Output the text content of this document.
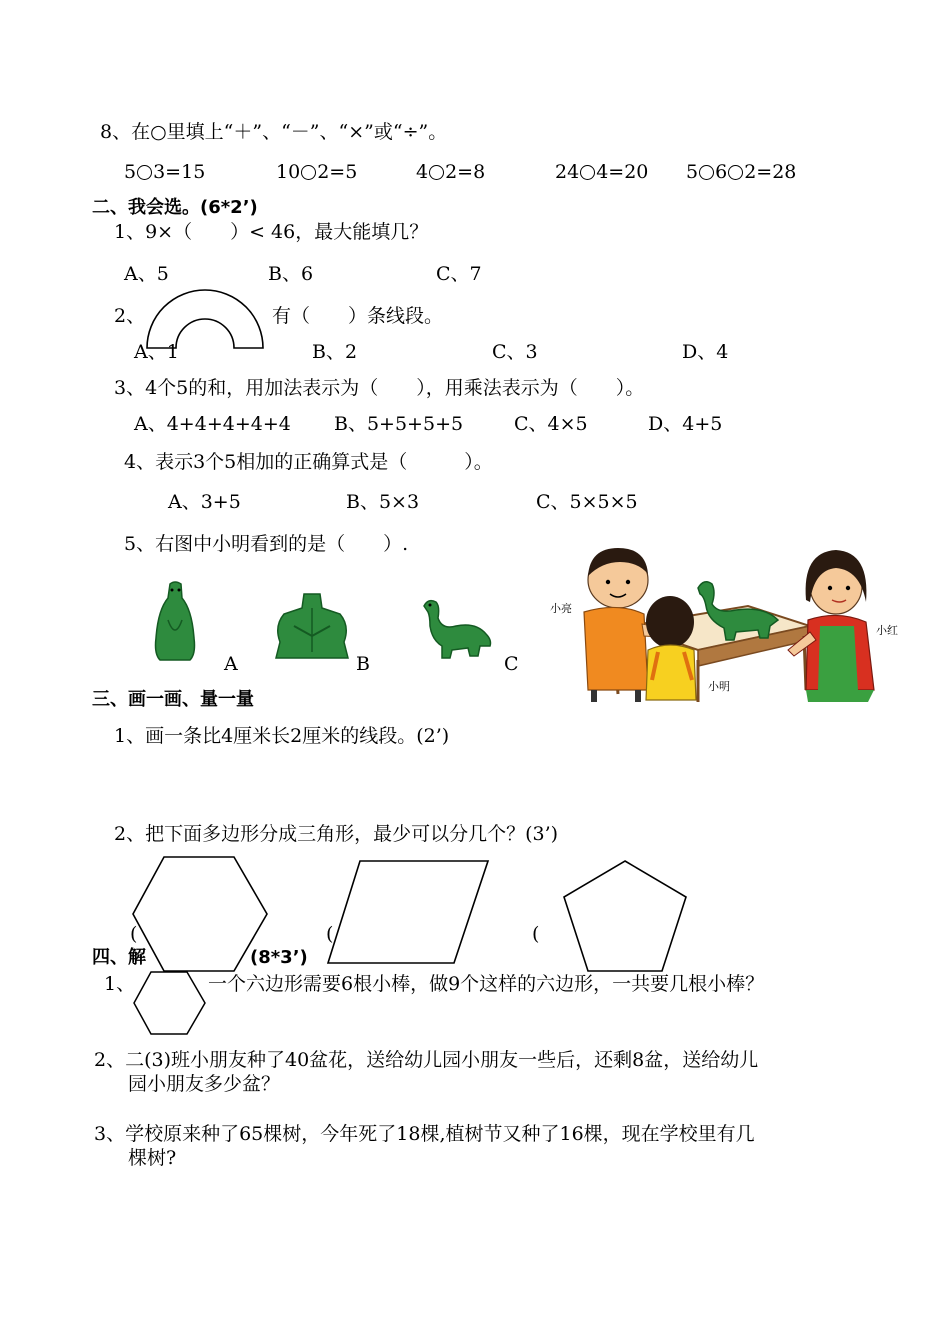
8、在○里填上“＋”、“－”、“×”或“÷”。
5 3=15	10 2=5	4 2=8	24 4=20 5 6 2=28
二、我会选。(6*2’)
1、9×（　　）< 46，最大能填几？
A、5	B、6	C、7
2、	有（　　）条线段。
A、1	B、2	C、3	D、4
3、4个5的和，用加法表示为（　　），用乘法表示为（　　）。
A、4+4+4+4+4 B、5+5+5+5	C、4×5	D、4+5
4、表示3个5相加的正确算式是（　　　）。
A、3+5	B、5×3	C、5×5×5
5、右图中小明看到的是（　　）.
A	B	C
小亮
小明
小红
三、画一画、量一量
1、画一条比4厘米长2厘米的线段。(2’)
2、把下面多边形分成三角形，最少可以分几个？(3’)
(	(	(
四、解	(8*3’)
1、	一个六边形需要6根小棒，做9个这样的六边形，一共要几根小棒？
2、二(3)班小朋友种了40盆花，送给幼儿园小朋友一些后，还剩8盆，送给幼儿
园小朋友多少盆？
3、学校原来种了65棵树，今年死了18棵,植树节又种了16棵，现在学校里有几
棵树?
